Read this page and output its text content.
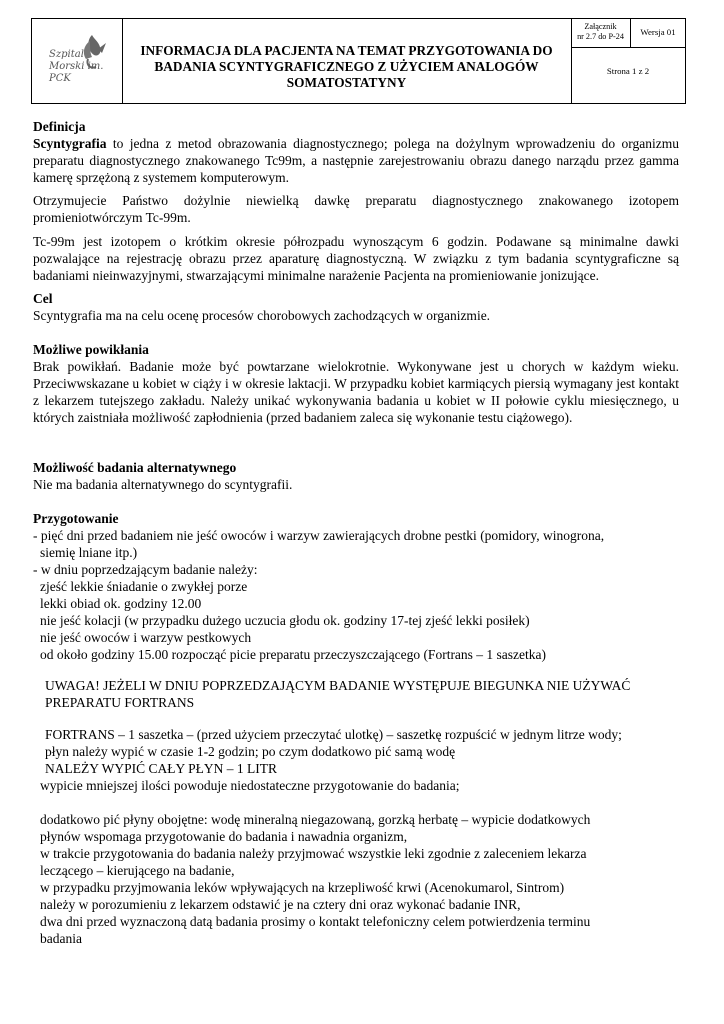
Szpital
Morski im. PCK
INFORMACJA DLA PACJENTA NA TEMAT PRZYGOTOWANIA DO BADANIA SCYNTYGRAFICZNEGO Z UŻYCIEM ANALOGÓW SOMATOSTATYNY
Załącznik
nr 2.7 do P-24	Wersja 01
Strona 1 z 2
Definicja
Scyntygrafia to jedna z metod obrazowania diagnostycznego; polega na dożylnym wprowadzeniu do organizmu preparatu diagnostycznego znakowanego Tc99m, a następnie zarejestrowaniu obrazu danego narządu przez gamma kamerę sprzężoną z systemem komputerowym.
Otrzymujecie Państwo dożylnie niewielką dawkę preparatu diagnostycznego znakowanego izotopem promieniotwórczym Tc-99m.
Tc-99m jest izotopem o krótkim okresie półrozpadu wynoszącym 6 godzin. Podawane są minimalne dawki pozwalające na rejestrację obrazu przez aparaturę diagnostyczną. W związku z tym badania scyntygraficzne są badaniami nieinwazyjnymi, stwarzającymi minimalne narażenie Pacjenta na promieniowanie jonizujące.
Cel
Scyntygrafia ma na celu ocenę procesów chorobowych zachodzących w organizmie.
Możliwe powikłania
Brak powikłań. Badanie może być powtarzane wielokrotnie. Wykonywane jest u chorych w każdym wieku. Przeciwwskazane u kobiet w ciąży i w okresie laktacji. W przypadku kobiet karmiących piersią wymagany jest kontakt z lekarzem tutejszego zakładu. Należy unikać wykonywania badania u kobiet w II połowie cyklu miesięcznego, u których zaistniała możliwość zapłodnienia (przed badaniem zaleca się wykonanie testu ciążowego).
Możliwość badania alternatywnego
Nie ma badania alternatywnego do scyntygrafii.
Przygotowanie
- pięć dni przed badaniem nie jeść owoców i warzyw zawierających drobne pestki (pomidory, winogrona,
siemię lniane itp.)
- w dniu poprzedzającym badanie należy:
zjeść lekkie śniadanie o zwykłej porze
lekki obiad ok. godziny 12.00
nie jeść kolacji (w przypadku dużego uczucia głodu ok. godziny 17-tej zjeść lekki posiłek)
nie jeść owoców i warzyw pestkowych
od około godziny 15.00 rozpocząć picie preparatu przeczyszczającego (Fortrans – 1 saszetka)
UWAGA! JEŻELI W DNIU POPRZEDZAJĄCYM BADANIE WYSTĘPUJE BIEGUNKA NIE UŻYWAĆ
PREPARATU FORTRANS
FORTRANS – 1 saszetka – (przed użyciem przeczytać ulotkę) – saszetkę rozpuścić w jednym litrze wody;
płyn należy wypić w czasie 1-2 godzin; po czym dodatkowo pić samą wodę
NALEŻY WYPIĆ CAŁY PŁYN – 1 LITR
wypicie mniejszej ilości powoduje niedostateczne przygotowanie do badania;
dodatkowo pić płyny obojętne: wodę mineralną niegazowaną, gorzką herbatę – wypicie dodatkowych
płynów wspomaga przygotowanie do badania i nawadnia organizm,
w trakcie przygotowania do badania należy przyjmować wszystkie leki zgodnie z zaleceniem lekarza
leczącego – kierującego na badanie,
w przypadku przyjmowania leków wpływających na krzepliwość krwi (Acenokumarol, Sintrom)
należy w porozumieniu z lekarzem odstawić je na cztery dni oraz wykonać badanie INR,
dwa dni przed wyznaczoną datą badania prosimy o kontakt telefoniczny celem potwierdzenia terminu
badania
